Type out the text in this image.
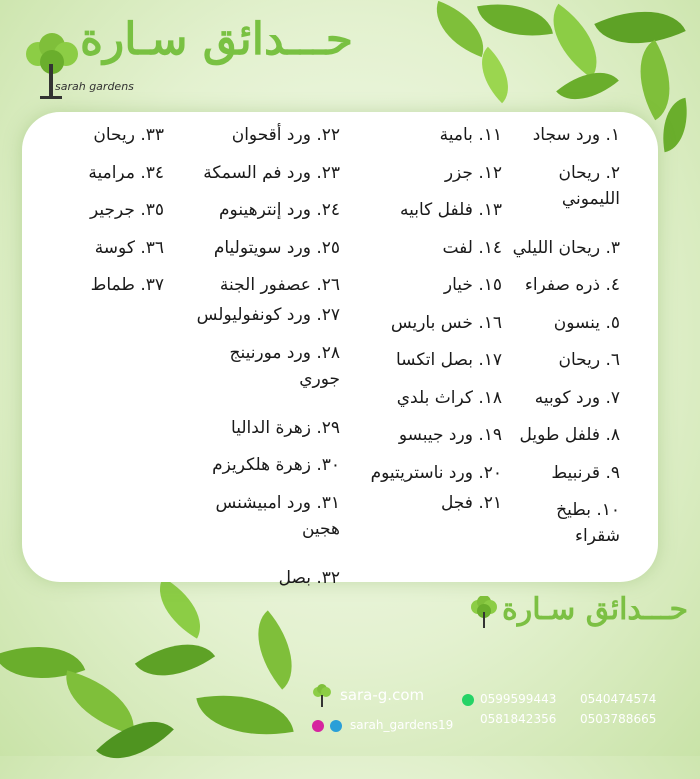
حـــدائق سـارة
sarah gardens
١. ورد سجاد
٢. ريحان الليموني
٣. ريحان الليلي
٤. ذره صفراء
٥. ينسون
٦. ريحان
٧. ورد كوبيه
٨. فلفل طويل
٩. قرنبيط
١٠. بطيخ شقراء
١١. بامية
١٢. جزر
١٣. فلفل كابيه
١٤. لفت
١٥. خيار
١٦. خس باريس
١٧. بصل اتكسا
١٨. كراث بلدي
١٩. ورد جيبسو
٢٠. ورد ناستريتيوم
٢١. فجل
٢٢. ورد أقحوان
٢٣. ورد فم السمكة
٢٤. ورد إنترهينوم
٢٥. ورد سويتوليام
٢٦. عصفور الجنة
٢٧. ورد كونفوليولس
٢٨. ورد مورنينج جوري
٢٩. زهرة الداليا
٣٠. زهرة هلكريزم
٣١. ورد امبيشنس هجين
٣٢. بصل
٣٣. ريحان
٣٤. مرامية
٣٥. جرجير
٣٦. كوسة
٣٧. طماط
حـــدائق سـارة
sara-g.com
sarah_gardens19
0599599443 0540474574
0581842356 0503788665
